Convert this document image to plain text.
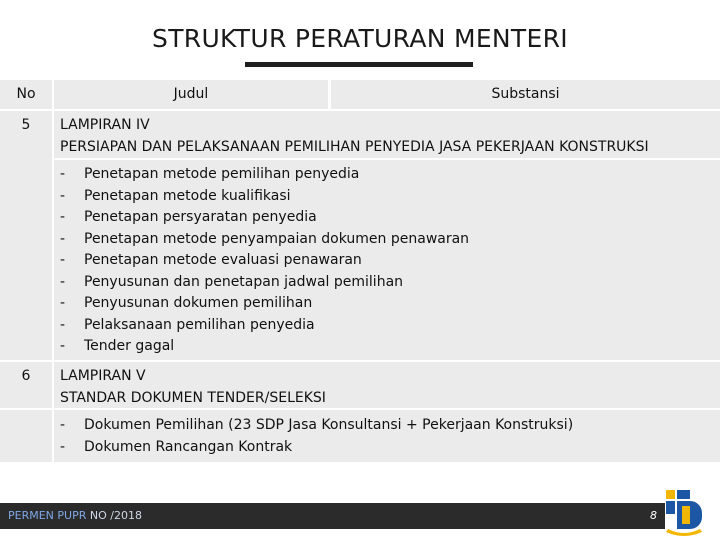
STRUKTUR PERATURAN MENTERI
No	Judul	Substansi
5	LAMPIRAN IV
PERSIAPAN DAN PELAKSANAAN PEMILIHAN PENYEDIA JASA PEKERJAAN KONSTRUKSI
-	Penetapan metode pemilihan penyedia
-	Penetapan metode kualifikasi
-	Penetapan persyaratan penyedia
-	Penetapan metode penyampaian dokumen penawaran
-	Penetapan metode evaluasi penawaran
-	Penyusunan dan penetapan jadwal pemilihan
-	Penyusunan dokumen pemilihan
-	Pelaksanaan pemilihan penyedia
-	Tender gagal
6	LAMPIRAN V
STANDAR DOKUMEN TENDER/SELEKSI
-	Dokumen Pemilihan (23 SDP Jasa Konsultansi + Pekerjaan Konstruksi)
-	Dokumen Rancangan Kontrak
PERMEN PUPR NO /2018	8
